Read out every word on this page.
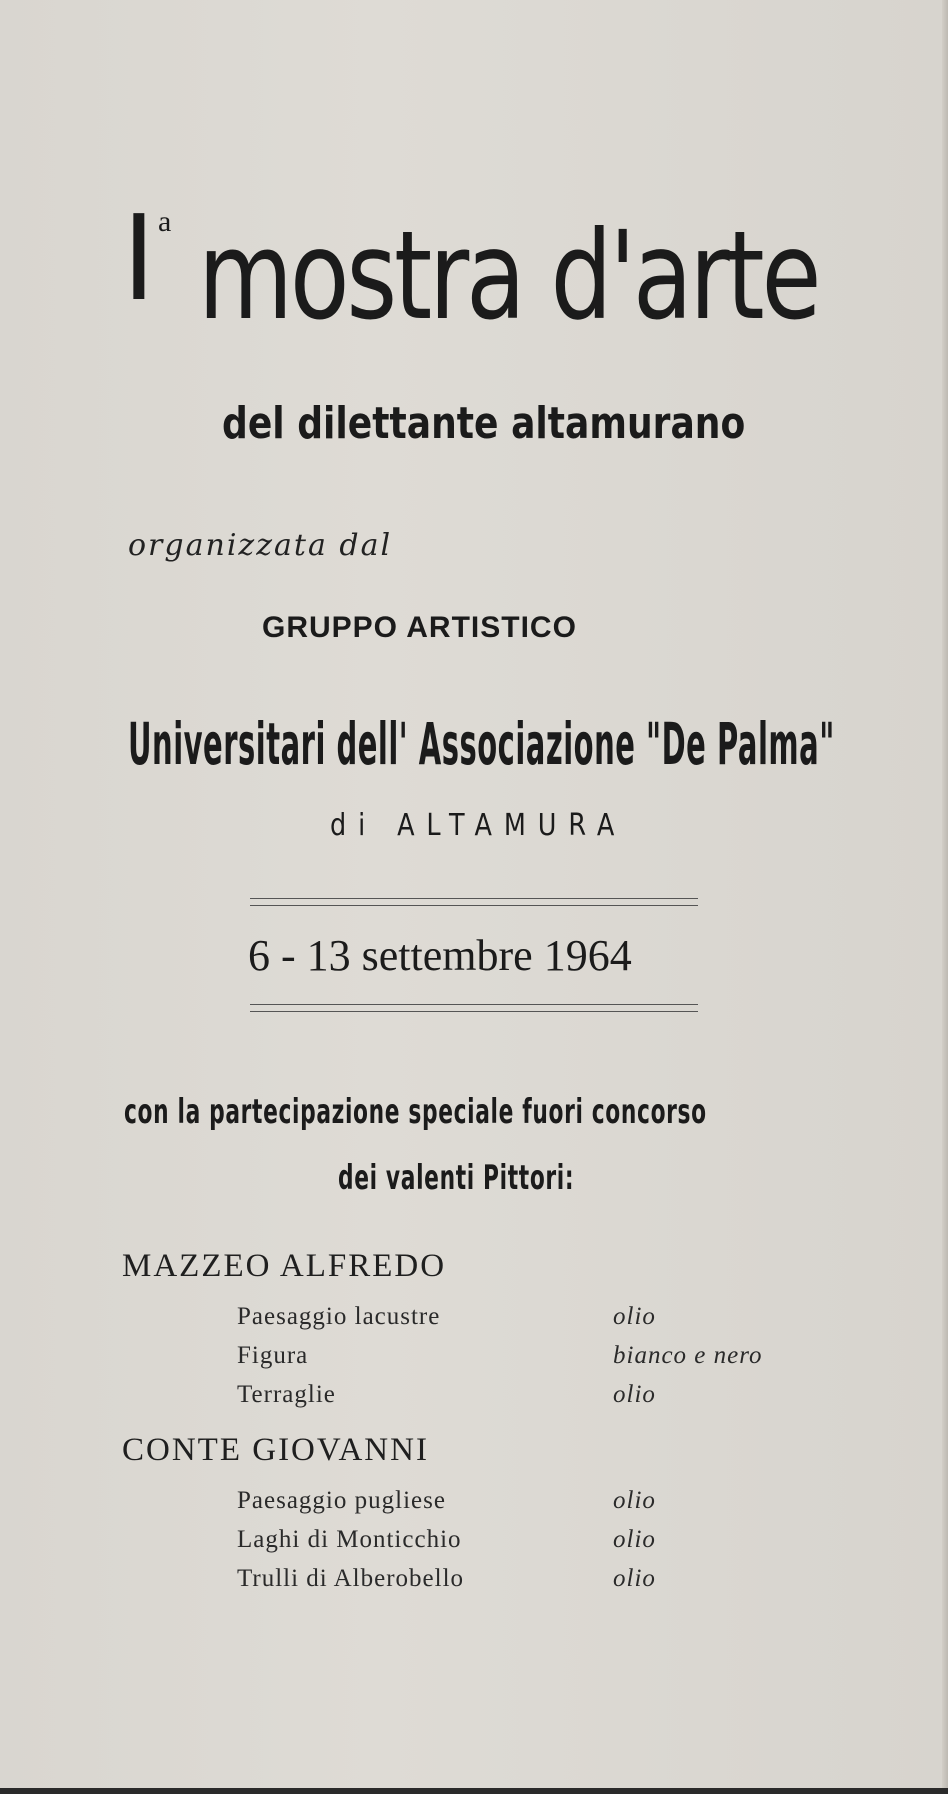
I a mostra d'arte
del dilettante altamurano
organizzata dal
GRUPPO ARTISTICO
Universitari dell' Associazione "De Palma"
di ALTAMURA
6 - 13 settembre 1964
con la partecipazione speciale fuori concorso
dei valenti Pittori:
MAZZEO ALFREDO
Paesaggio lacustre	olio
Figura	bianco e nero
Terraglie	olio
CONTE GIOVANNI
Paesaggio pugliese	olio
Laghi di Monticchio	olio
Trulli di Alberobello	olio
